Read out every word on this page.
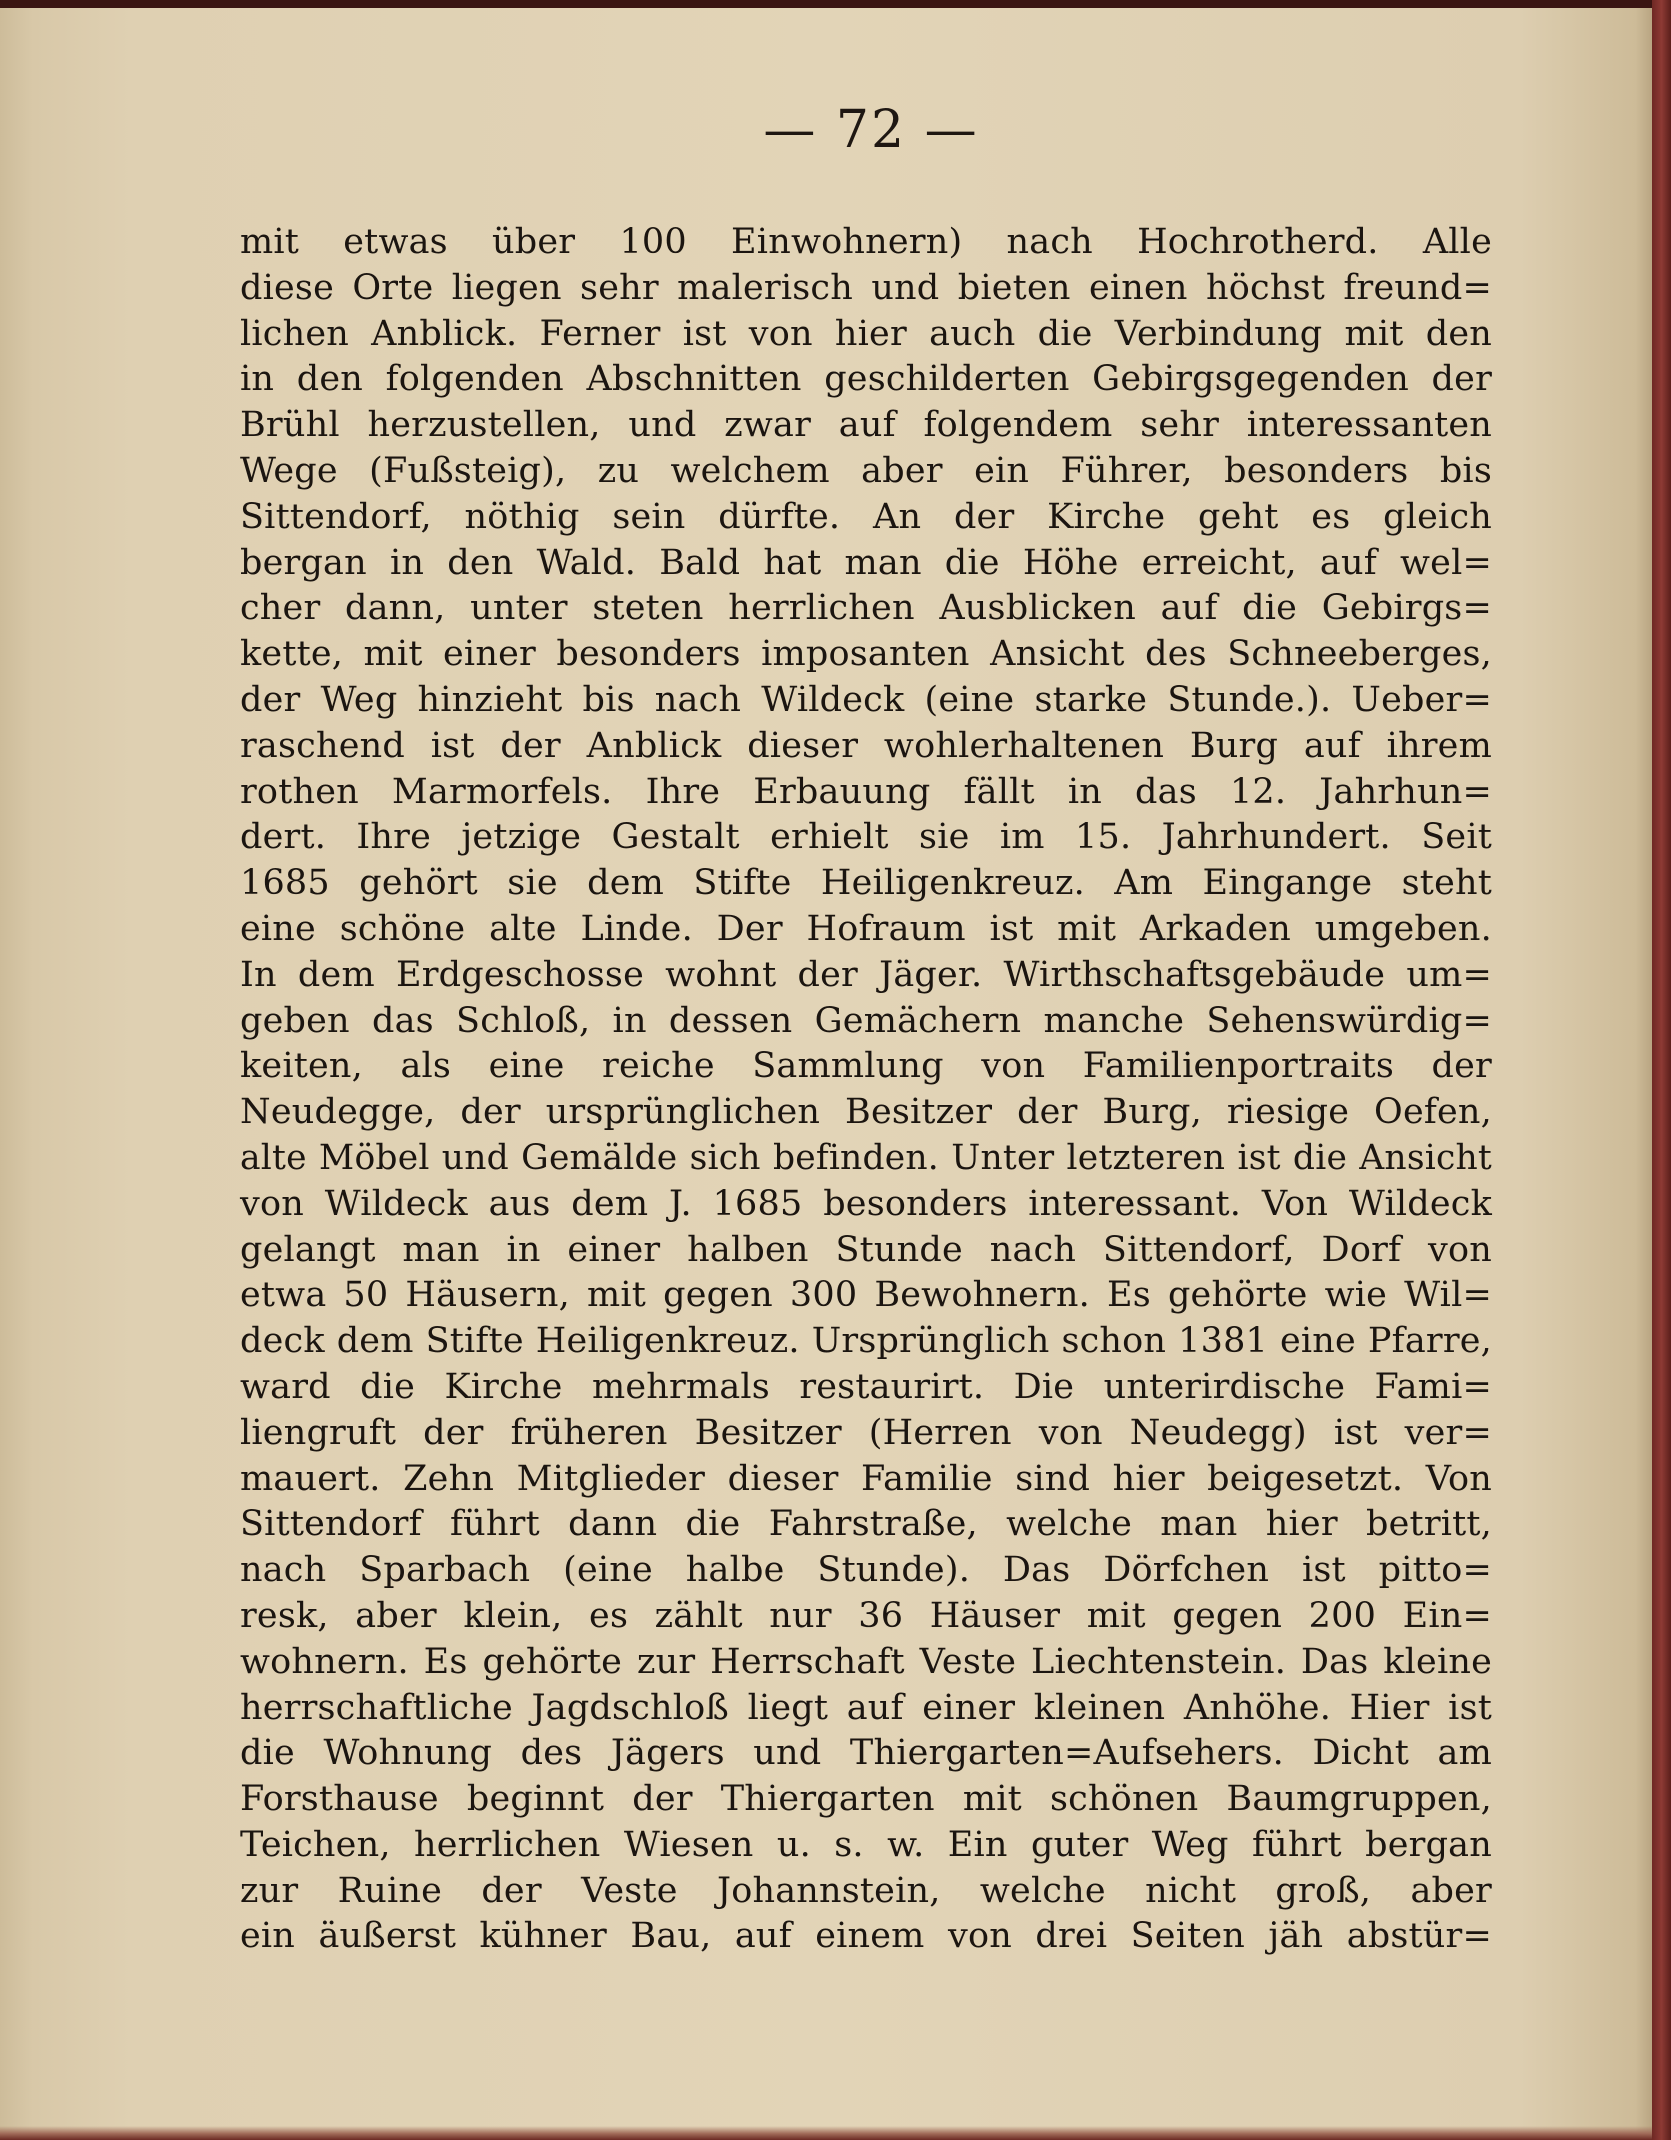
— 72 —
mit etwas über 100 Einwohnern) nach Hochrotherd. Alle
diese Orte liegen sehr malerisch und bieten einen höchst freund=
lichen Anblick. Ferner ist von hier auch die Verbindung mit den
in den folgenden Abschnitten geschilderten Gebirgsgegenden der
Brühl herzustellen, und zwar auf folgendem sehr interessanten
Wege (Fußsteig), zu welchem aber ein Führer, besonders bis
Sittendorf, nöthig sein dürfte. An der Kirche geht es gleich
bergan in den Wald. Bald hat man die Höhe erreicht, auf wel=
cher dann, unter steten herrlichen Ausblicken auf die Gebirgs=
kette, mit einer besonders imposanten Ansicht des Schneeberges,
der Weg hinzieht bis nach Wildeck (eine starke Stunde.). Ueber=
raschend ist der Anblick dieser wohlerhaltenen Burg auf ihrem
rothen Marmorfels. Ihre Erbauung fällt in das 12. Jahrhun=
dert. Ihre jetzige Gestalt erhielt sie im 15. Jahrhundert. Seit
1685 gehört sie dem Stifte Heiligenkreuz. Am Eingange steht
eine schöne alte Linde. Der Hofraum ist mit Arkaden umgeben.
In dem Erdgeschosse wohnt der Jäger. Wirthschaftsgebäude um=
geben das Schloß, in dessen Gemächern manche Sehenswürdig=
keiten, als eine reiche Sammlung von Familienportraits der
Neudegge, der ursprünglichen Besitzer der Burg, riesige Oefen,
alte Möbel und Gemälde sich befinden. Unter letzteren ist die Ansicht
von Wildeck aus dem J. 1685 besonders interessant. Von Wildeck
gelangt man in einer halben Stunde nach Sittendorf, Dorf von
etwa 50 Häusern, mit gegen 300 Bewohnern. Es gehörte wie Wil=
deck dem Stifte Heiligenkreuz. Ursprünglich schon 1381 eine Pfarre,
ward die Kirche mehrmals restaurirt. Die unterirdische Fami=
liengruft der früheren Besitzer (Herren von Neudegg) ist ver=
mauert. Zehn Mitglieder dieser Familie sind hier beigesetzt. Von
Sittendorf führt dann die Fahrstraße, welche man hier betritt,
nach Sparbach (eine halbe Stunde). Das Dörfchen ist pitto=
resk, aber klein, es zählt nur 36 Häuser mit gegen 200 Ein=
wohnern. Es gehörte zur Herrschaft Veste Liechtenstein. Das kleine
herrschaftliche Jagdschloß liegt auf einer kleinen Anhöhe. Hier ist
die Wohnung des Jägers und Thiergarten=Aufsehers. Dicht am
Forsthause beginnt der Thiergarten mit schönen Baumgruppen,
Teichen, herrlichen Wiesen u. s. w. Ein guter Weg führt bergan
zur Ruine der Veste Johannstein, welche nicht groß, aber
ein äußerst kühner Bau, auf einem von drei Seiten jäh abstür=
